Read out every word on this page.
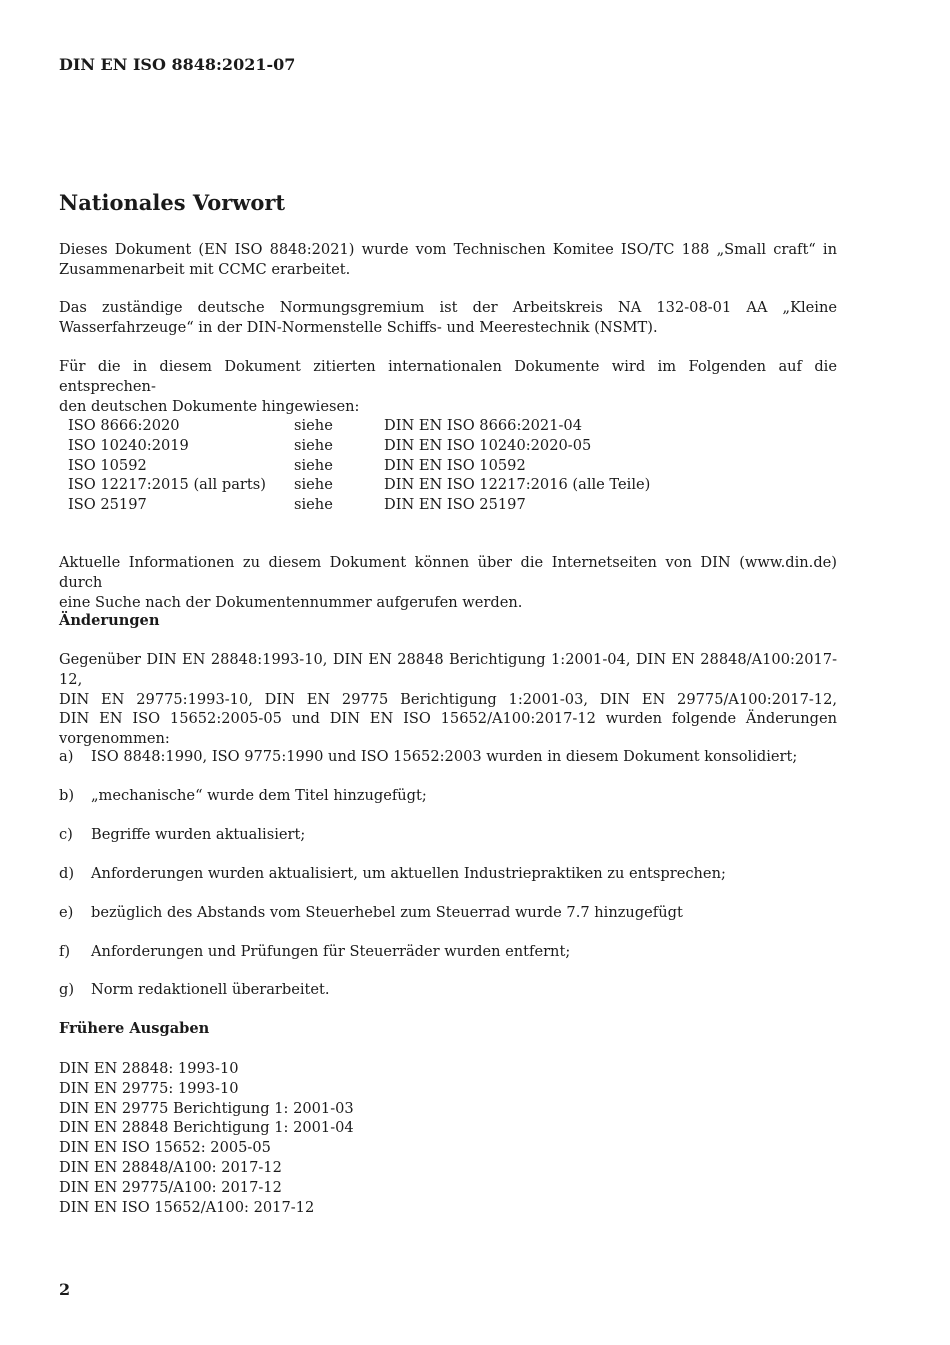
DIN EN ISO 8848:2021-07
Nationales Vorwort
Dieses Dokument (EN ISO 8848:2021) wurde vom Technischen Komitee ISO/TC 188 „Small craft“ in
Zusammenarbeit mit CCMC erarbeitet.
Das zuständige deutsche Normungsgremium ist der Arbeitskreis NA 132-08-01 AA „Kleine
Wasserfahrzeuge“ in der DIN-Normenstelle Schiffs- und Meerestechnik (NSMT).
Für die in diesem Dokument zitierten internationalen Dokumente wird im Folgenden auf die entsprechen-
den deutschen Dokumente hingewiesen:
ISO 8666:2020	siehe	DIN EN ISO 8666:2021-04
ISO 10240:2019	siehe	DIN EN ISO 10240:2020-05
ISO 10592	siehe	DIN EN ISO 10592
ISO 12217:2015 (all parts)	siehe	DIN EN ISO 12217:2016 (alle Teile)
ISO 25197	siehe	DIN EN ISO 25197
Aktuelle Informationen zu diesem Dokument können über die Internetseiten von DIN (www.din.de) durch
eine Suche nach der Dokumentennummer aufgerufen werden.
Änderungen
Gegenüber DIN EN 28848:1993-10, DIN EN 28848 Berichtigung 1:2001-04, DIN EN 28848/A100:2017-12,
DIN EN 29775:1993-10, DIN EN 29775 Berichtigung 1:2001-03, DIN EN 29775/A100:2017-12,
DIN EN ISO 15652:2005-05 und DIN EN ISO 15652/A100:2017-12 wurden folgende Änderungen
vorgenommen:
a)	ISO 8848:1990, ISO 9775:1990 und ISO 15652:2003 wurden in diesem Dokument konsolidiert;
b)	„mechanische“ wurde dem Titel hinzugefügt;
c)	Begriffe wurden aktualisiert;
d)	Anforderungen wurden aktualisiert, um aktuellen Industriepraktiken zu entsprechen;
e)	bezüglich des Abstands vom Steuerhebel zum Steuerrad wurde 7.7 hinzugefügt
f)	Anforderungen und Prüfungen für Steuerräder wurden entfernt;
g)	Norm redaktionell überarbeitet.
Frühere Ausgaben
DIN EN 28848: 1993-10
DIN EN 29775: 1993-10
DIN EN 29775 Berichtigung 1: 2001-03
DIN EN 28848 Berichtigung 1: 2001-04
DIN EN ISO 15652: 2005-05
DIN EN 28848/A100: 2017-12
DIN EN 29775/A100: 2017-12
DIN EN ISO 15652/A100: 2017-12
2
